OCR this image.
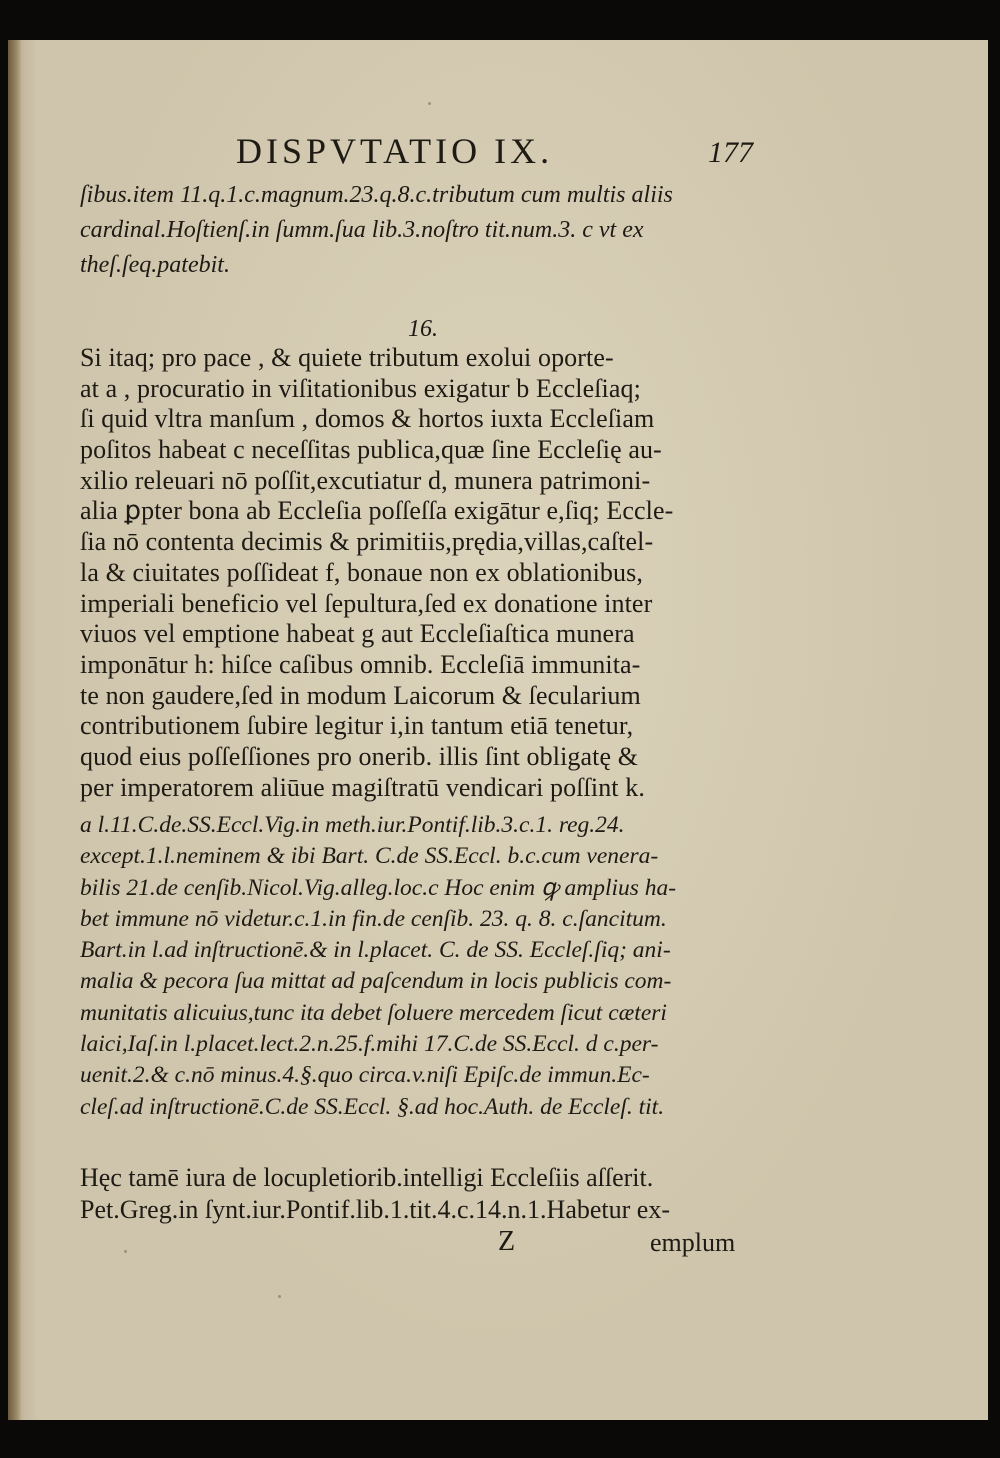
DISPVTATIO IX.	177
ſibus.item 11.q.1.c.magnum.23.q.8.c.tributum cum multis aliis
cardinal.Hoſtienſ.in ſumm.ſua lib.3.noſtro tit.num.3. c vt ex
theſ.ſeq.patebit.
16.
Si itaq; pro pace , & quiete tributum exolui oporte-
at a , procuratio in viſitationibus exigatur b Eccleſiaq;
ſi quid vltra manſum , domos & hortos iuxta Eccleſiam
poſitos habeat c neceſſitas publica,quæ ſine Eccleſię au-
xilio releuari nō poſſit,excutiatur d, munera patrimoni-
alia ꝑpter bona ab Eccleſia poſſeſſa exigātur e,ſiq; Eccle-
ſia nō contenta decimis & primitiis,prędia,villas,caſtel-
la & ciuitates poſſideat f, bonaue non ex oblationibus,
imperiali beneficio vel ſepultura,ſed ex donatione inter
viuos vel emptione habeat g aut Eccleſiaſtica munera
imponātur h: hiſce caſibus omnib. Eccleſiā immunita-
te non gaudere,ſed in modum Laicorum & ſecularium
contributionem ſubire legitur i,in tantum etiā tenetur,
quod eius poſſeſſiones pro onerib. illis ſint obligatę &
per imperatorem aliūue magiſtratū vendicari poſſint k.
a l.11.C.de.SS.Eccl.Vig.in meth.iur.Pontif.lib.3.c.1. reg.24.
except.1.l.neminem & ibi Bart. C.de SS.Eccl. b.c.cum venera-
bilis 21.de cenſib.Nicol.Vig.alleg.loc.c Hoc enim ꝙ amplius ha-
bet immune nō videtur.c.1.in fin.de cenſib. 23. q. 8. c.ſancitum.
Bart.in l.ad inſtructionē.& in l.placet. C. de SS. Eccleſ.ſiq; ani-
malia & pecora ſua mittat ad paſcendum in locis publicis com-
munitatis alicuius,tunc ita debet ſoluere mercedem ſicut cæteri
laici,Iaſ.in l.placet.lect.2.n.25.f.mihi 17.C.de SS.Eccl. d c.per-
uenit.2.& c.nō minus.4.§.quo circa.v.niſi Epiſc.de immun.Ec-
cleſ.ad inſtructionē.C.de SS.Eccl. §.ad hoc.Auth. de Eccleſ. tit.
Hęc tamē iura de locupletiorib.intelligi Eccleſiis aſſerit.
Pet.Greg.in ſynt.iur.Pontif.lib.1.tit.4.c.14.n.1.Habetur ex-
Z	emplum
